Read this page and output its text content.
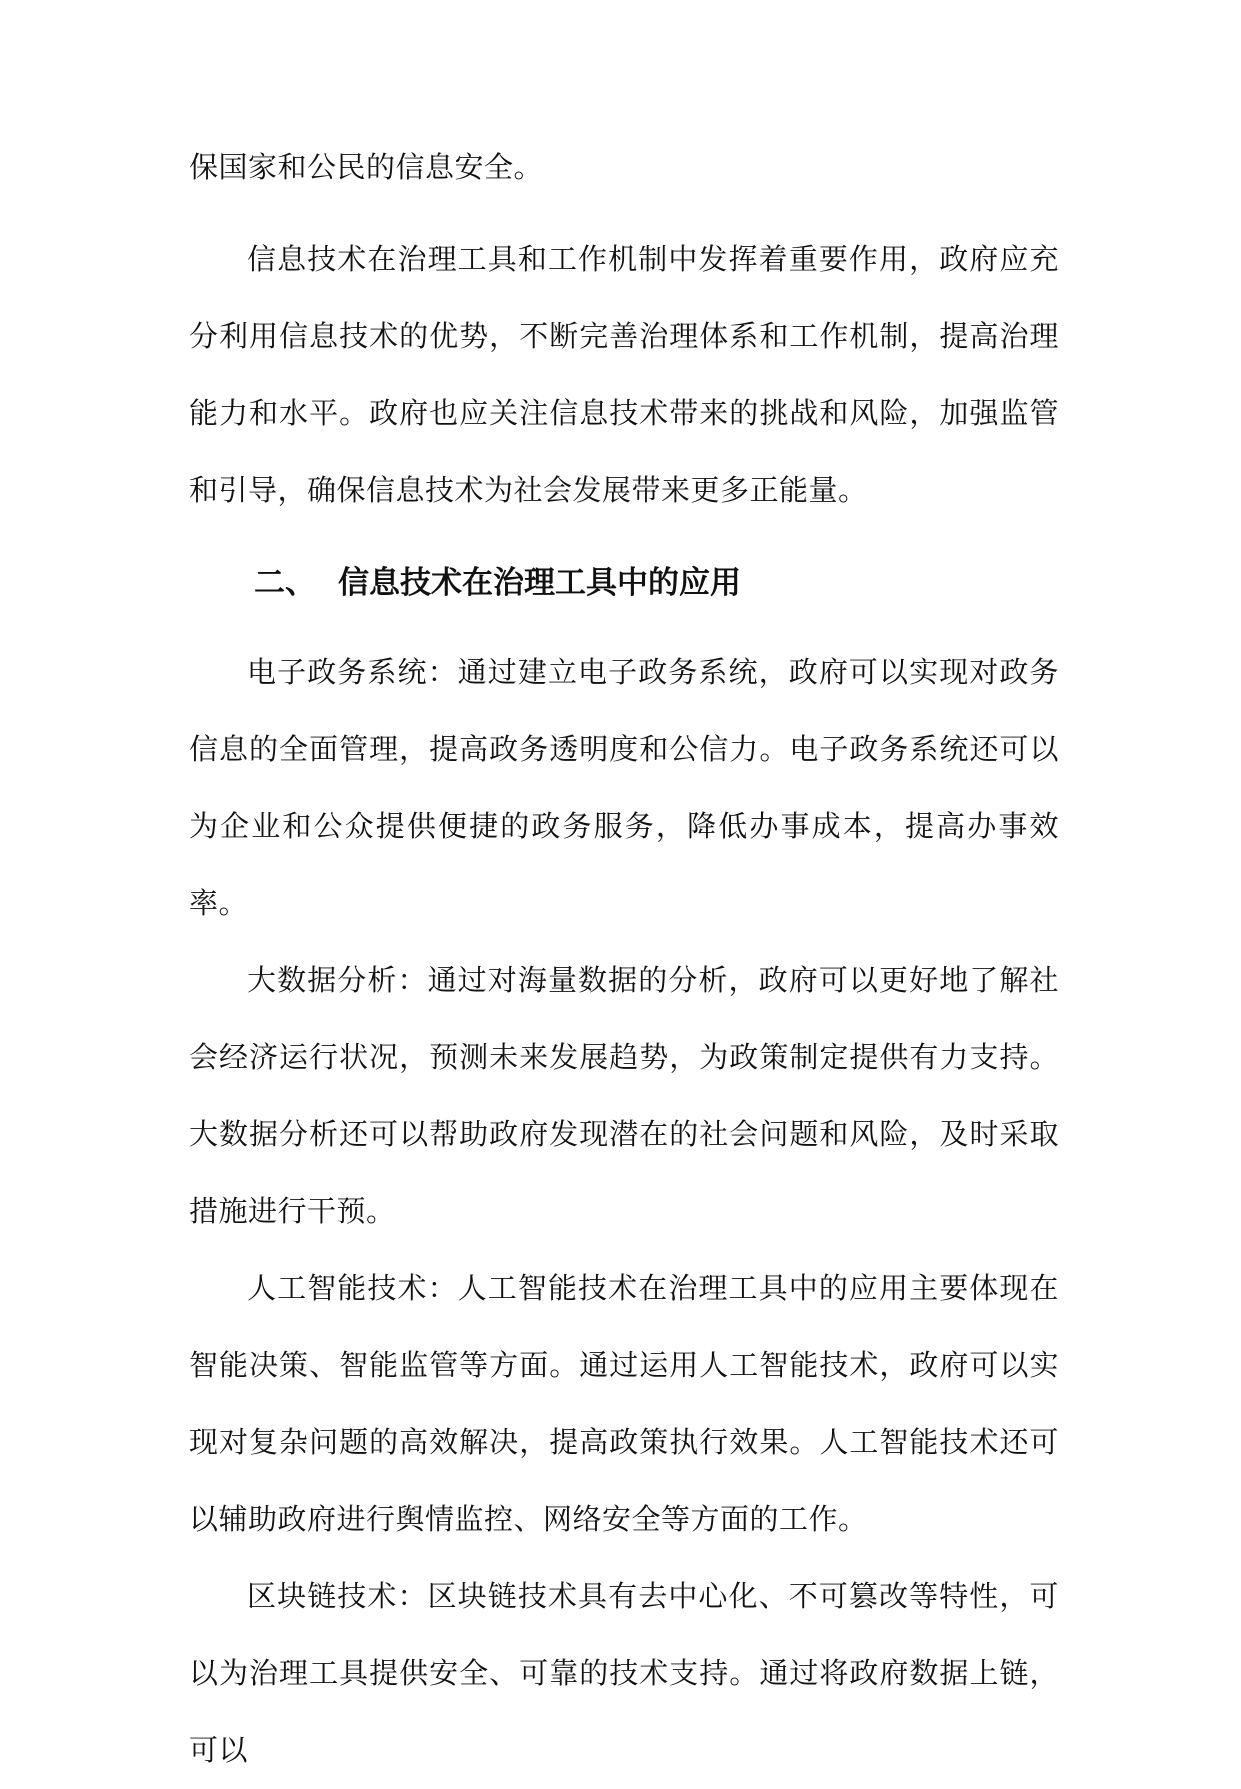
保国家和公民的信息安全。

信息技术在治理工具和工作机制中发挥着重要作用，政府应充分利用信息技术的优势，不断完善治理体系和工作机制，提高治理能力和水平。政府也应关注信息技术带来的挑战和风险，加强监管和引导，确保信息技术为社会发展带来更多正能量。

二、 信息技术在治理工具中的应用

电子政务系统：通过建立电子政务系统，政府可以实现对政务信息的全面管理，提高政务透明度和公信力。电子政务系统还可以为企业和公众提供便捷的政务服务，降低办事成本，提高办事效率。

大数据分析：通过对海量数据的分析，政府可以更好地了解社会经济运行状况，预测未来发展趋势，为政策制定提供有力支持。大数据分析还可以帮助政府发现潜在的社会问题和风险，及时采取措施进行干预。

人工智能技术：人工智能技术在治理工具中的应用主要体现在智能决策、智能监管等方面。通过运用人工智能技术，政府可以实现对复杂问题的高效解决，提高政策执行效果。人工智能技术还可以辅助政府进行舆情监控、网络安全等方面的工作。

区块链技术：区块链技术具有去中心化、不可篡改等特性，可以为治理工具提供安全、可靠的技术支持。通过将政府数据上链，可以
